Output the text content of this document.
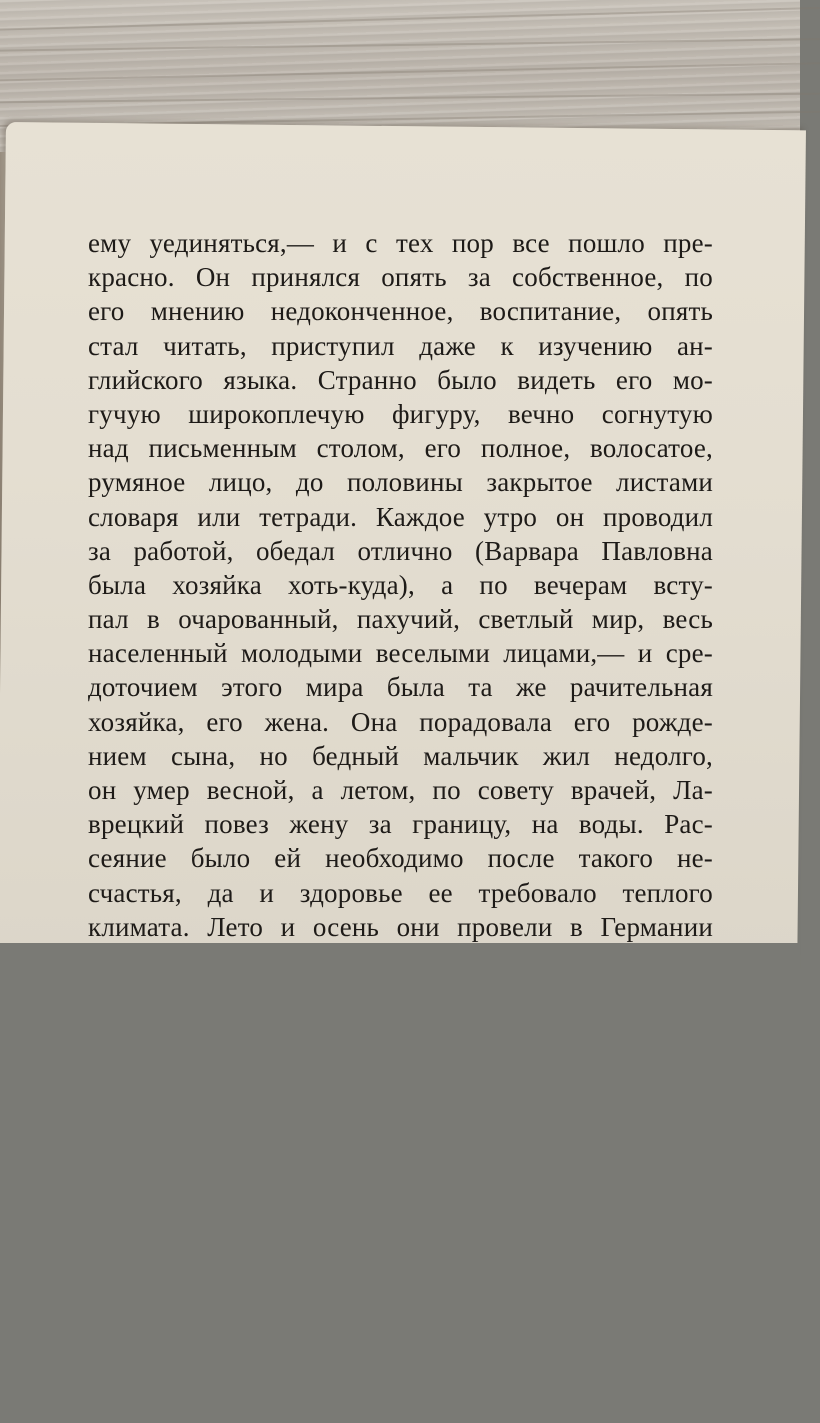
ему уединяться,— и с тех пор все пошло пре-
красно. Он принялся опять за собственное, по
его мнению недоконченное, воспитание, опять
стал читать, приступил даже к изучению ан-
глийского языка. Странно было видеть его мо-
гучую широкоплечую фигуру, вечно согнутую
над письменным столом, его полное, волосатое,
румяное лицо, до половины закрытое листами
словаря или тетради. Каждое утро он проводил
за работой, обедал отлично (Варвара Павловна
была хозяйка хоть-куда), а по вечерам всту-
пал в очарованный, пахучий, светлый мир, весь
населенный молодыми веселыми лицами,— и сре-
доточием этого мира была та же рачительная
хозяйка, его жена. Она порадовала его рожде-
нием сына, но бедный мальчик жил недолго,
он умер весной, а летом, по совету врачей, Ла-
врецкий повез жену за границу, на воды. Рас-
сеяние было ей необходимо после такого не-
счастья, да и здоровье ее требовало теплого
климата. Лето и осень они провели в Германии
